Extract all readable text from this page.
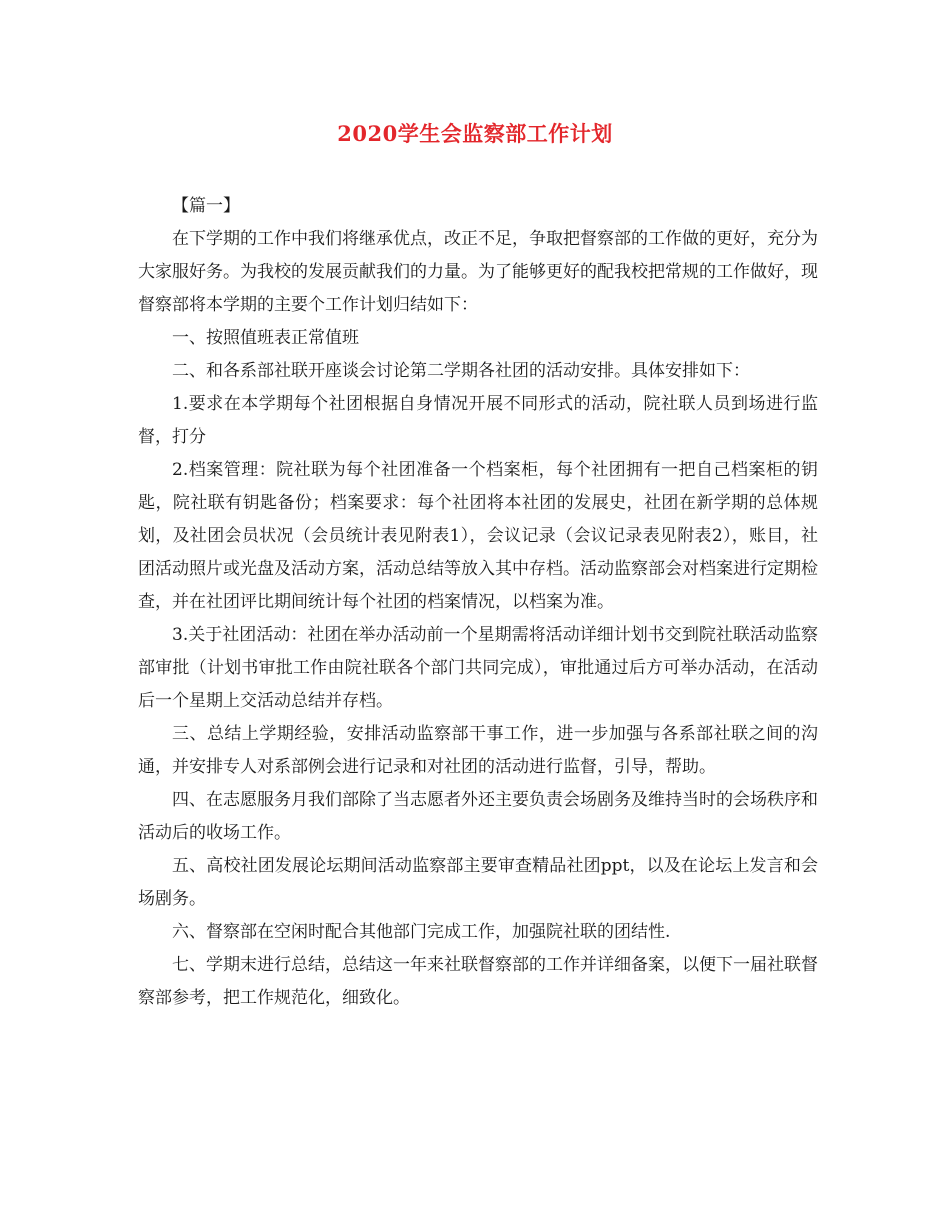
2020学生会监察部工作计划

【篇一】

在下学期的工作中我们将继承优点，改正不足，争取把督察部的工作做的更好，充分为大家服好务。为我校的发展贡献我们的力量。为了能够更好的配我校把常规的工作做好，现督察部将本学期的主要个工作计划归结如下：

一、按照值班表正常值班

二、和各系部社联开座谈会讨论第二学期各社团的活动安排。具体安排如下：

1.要求在本学期每个社团根据自身情况开展不同形式的活动，院社联人员到场进行监督，打分

2.档案管理：院社联为每个社团准备一个档案柜，每个社团拥有一把自己档案柜的钥匙，院社联有钥匙备份；档案要求：每个社团将本社团的发展史，社团在新学期的总体规划，及社团会员状况（会员统计表见附表1），会议记录（会议记录表见附表2），账目，社团活动照片或光盘及活动方案，活动总结等放入其中存档。活动监察部会对档案进行定期检查，并在社团评比期间统计每个社团的档案情况，以档案为准。

3.关于社团活动：社团在举办活动前一个星期需将活动详细计划书交到院社联活动监察部审批（计划书审批工作由院社联各个部门共同完成），审批通过后方可举办活动，在活动后一个星期上交活动总结并存档。

三、总结上学期经验，安排活动监察部干事工作，进一步加强与各系部社联之间的沟通，并安排专人对系部例会进行记录和对社团的活动进行监督，引导，帮助。

四、在志愿服务月我们部除了当志愿者外还主要负责会场剧务及维持当时的会场秩序和活动后的收场工作。

五、高校社团发展论坛期间活动监察部主要审查精品社团ppt，以及在论坛上发言和会场剧务。

六、督察部在空闲时配合其他部门完成工作，加强院社联的团结性.

七、学期末进行总结，总结这一年来社联督察部的工作并详细备案，以便下一届社联督察部参考，把工作规范化，细致化。
